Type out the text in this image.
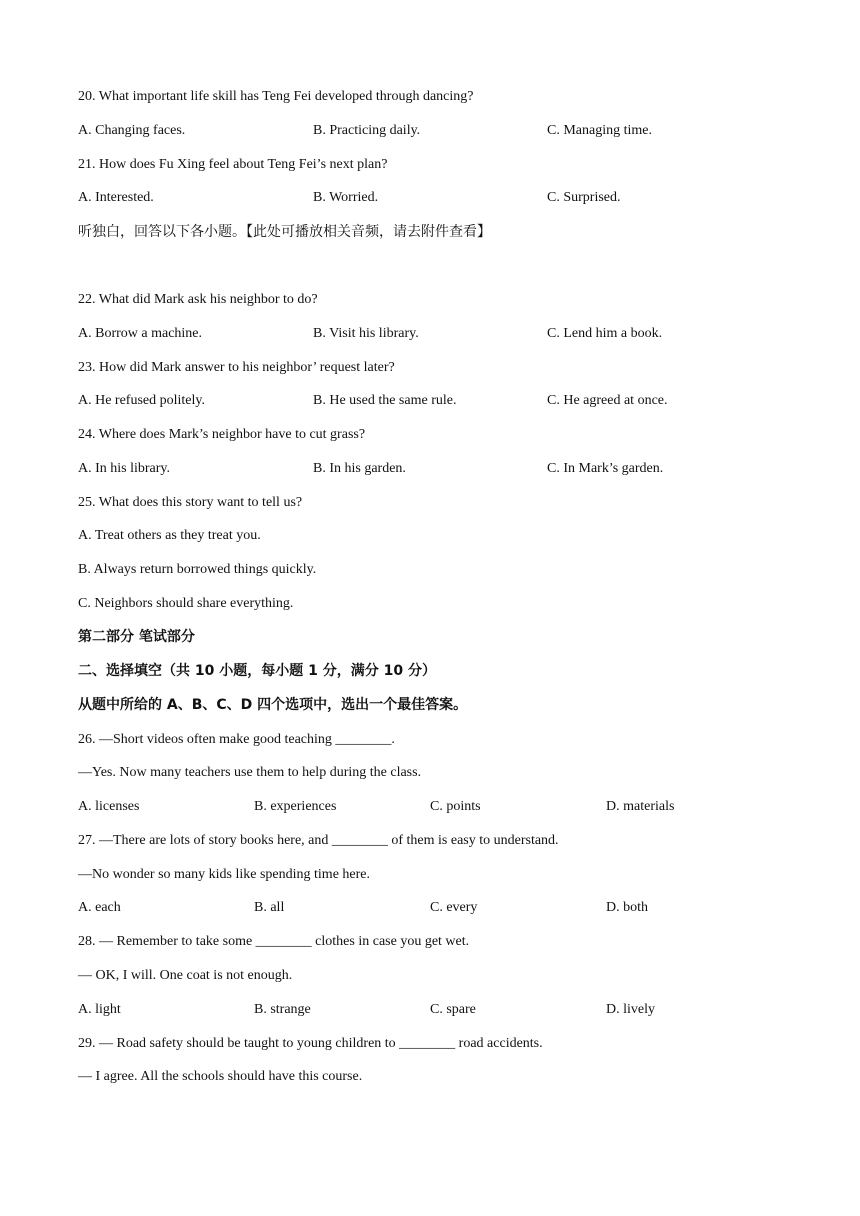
20. What important life skill has Teng Fei developed through dancing?
A. Changing faces.	B. Practicing daily.	C. Managing time.
21. How does Fu Xing feel about Teng Fei’s next plan?
A. Interested.	B. Worried.	C. Surprised.
听独白，回答以下各小题。【此处可播放相关音频，请去附件查看】
22. What did Mark ask his neighbor to do?
A. Borrow a machine.	B. Visit his library.	C. Lend him a book.
23. How did Mark answer to his neighbor’ request later?
A. He refused politely.	B. He used the same rule.	C. He agreed at once.
24. Where does Mark’s neighbor have to cut grass?
A. In his library.	B. In his garden.	C. In Mark’s garden.
25. What does this story want to tell us?
A. Treat others as they treat you.
B. Always return borrowed things quickly.
C. Neighbors should share everything.
第二部分 笔试部分
二、选择填空（共 10 小题，每小题 1 分，满分 10 分）
从题中所给的 A、B、C、D 四个选项中，选出一个最佳答案。
26. —Short videos often make good teaching ________.
—Yes. Now many teachers use them to help during the class.
A. licenses	B. experiences	C. points	D. materials
27. —There are lots of story books here, and ________ of them is easy to understand.
—No wonder so many kids like spending time here.
A. each	B. all	C. every	D. both
28. — Remember to take some ________ clothes in case you get wet.
— OK, I will. One coat is not enough.
A. light	B. strange	C. spare	D. lively
29. — Road safety should be taught to young children to ________ road accidents.
— I agree. All the schools should have this course.
